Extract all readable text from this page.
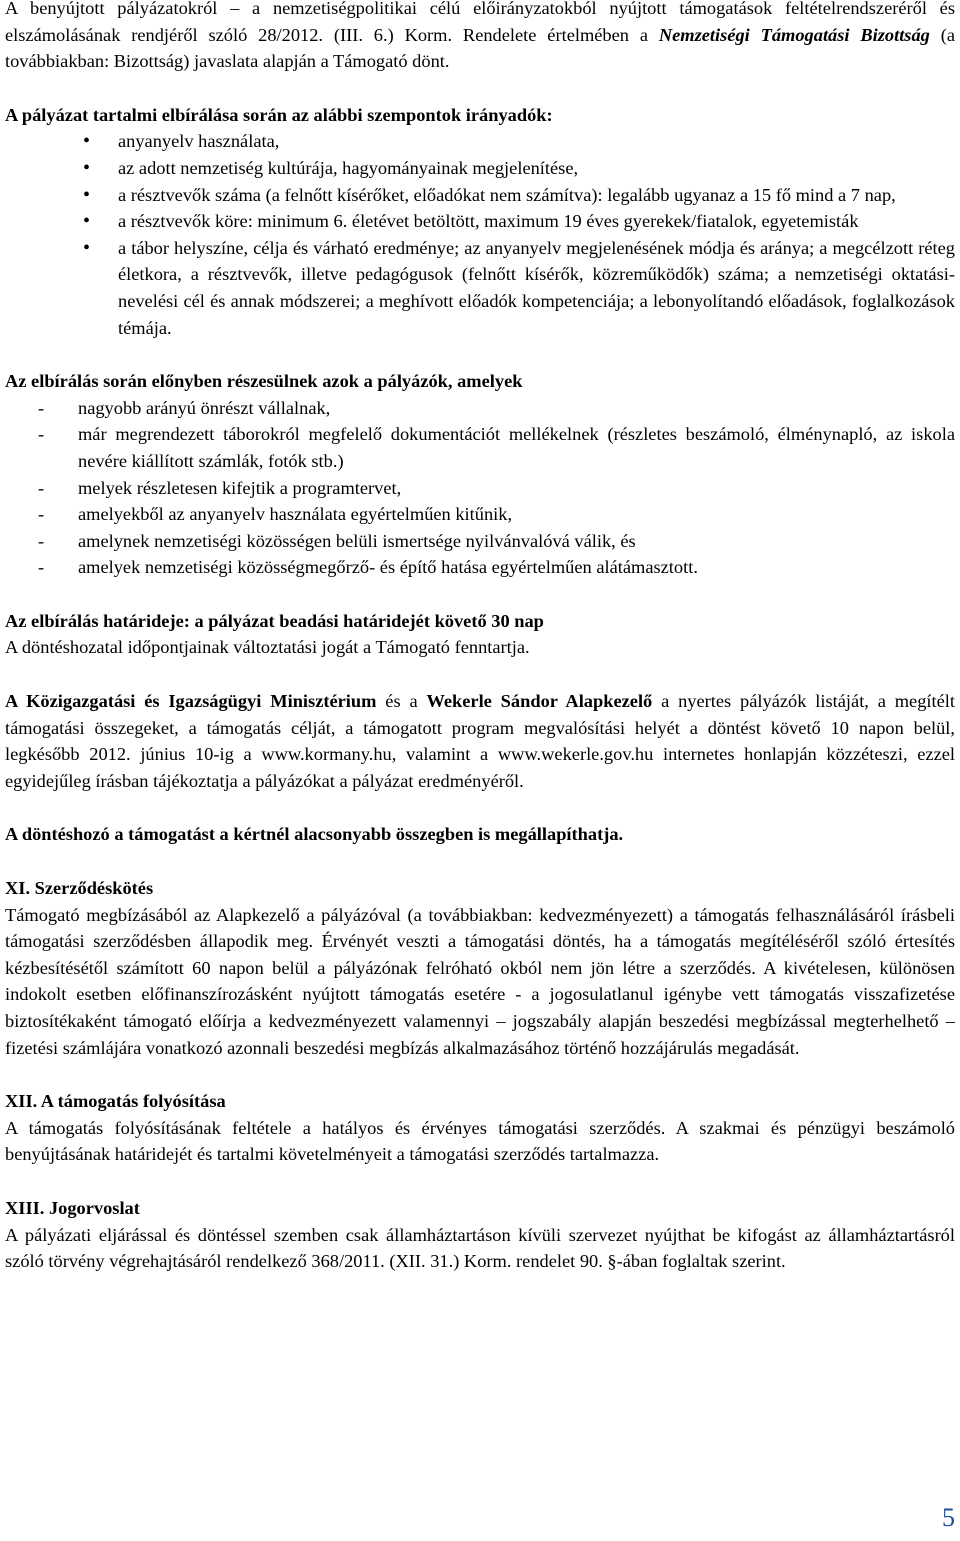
A benyújtott pályázatokról – a nemzetiségpolitikai célú előirányzatokból nyújtott támogatások feltételrendszeréről és elszámolásának rendjéről szóló 28/2012. (III. 6.) Korm. Rendelete értelmében a Nemzetiségi Támogatási Bizottság (a továbbiakban: Bizottság) javaslata alapján a Támogató dönt.

A pályázat tartalmi elbírálása során az alábbi szempontok irányadók:

• anyanyelv használata,
• az adott nemzetiség kultúrája, hagyományainak megjelenítése,
• a résztvevők száma (a felnőtt kísérőket, előadókat nem számítva): legalább ugyanaz a 15 fő mind a 7 nap,
• a résztvevők köre: minimum 6. életévet betöltött, maximum 19 éves gyerekek/fiatalok, egyetemisták
• a tábor helyszíne, célja és várható eredménye; az anyanyelv megjelenésének módja és aránya; a megcélzott réteg életkora, a résztvevők, illetve pedagógusok (felnőtt kísérők, közreműködők) száma; a nemzetiségi oktatási-nevelési cél és annak módszerei; a meghívott előadók kompetenciája; a lebonyolítandó előadások, foglalkozások témája.

Az elbírálás során előnyben részesülnek azok a pályázók, amelyek

- nagyobb arányú önrészt vállalnak,
- már megrendezett táborokról megfelelő dokumentációt mellékelnek (részletes beszámoló, élménynapló, az iskola nevére kiállított számlák, fotók stb.)
- melyek részletesen kifejtik a programtervet,
- amelyekből az anyanyelv használata egyértelműen kitűnik,
- amelynek nemzetiségi közösségen belüli ismertsége nyilvánvalóvá válik, és
- amelyek nemzetiségi közösségmegőrző- és építő hatása egyértelműen alátámasztott.

Az elbírálás határideje: a pályázat beadási határidejét követő 30 nap

A döntéshozatal időpontjainak változtatási jogát a Támogató fenntartja.

A Közigazgatási és Igazságügyi Minisztérium és a Wekerle Sándor Alapkezelő a nyertes pályázók listáját, a megítélt támogatási összegeket, a támogatás célját, a támogatott program megvalósítási helyét a döntést követő 10 napon belül, legkésőbb 2012. június 10-ig a www.kormany.hu, valamint a www.wekerle.gov.hu internetes honlapján közzéteszi, ezzel egyidejűleg írásban tájékoztatja a pályázókat a pályázat eredményéről.

A döntéshozó a támogatást a kértnél alacsonyabb összegben is megállapíthatja.

XI. Szerződéskötés

Támogató megbízásából az Alapkezelő a pályázóval (a továbbiakban: kedvezményezett) a támogatás felhasználásáról írásbeli támogatási szerződésben állapodik meg. Érvényét veszti a támogatási döntés, ha a támogatás megítéléséről szóló értesítés kézbesítésétől számított 60 napon belül a pályázónak felróható okból nem jön létre a szerződés. A kivételesen, különösen indokolt esetben előfinanszírozásként nyújtott támogatás esetére - a jogosulatlanul igénybe vett támogatás visszafizetése biztosítékaként támogató előírja a kedvezményezett valamennyi – jogszabály alapján beszedési megbízással megterhelhető – fizetési számlájára vonatkozó azonnali beszedési megbízás alkalmazásához történő hozzájárulás megadását.

XII. A támogatás folyósítása

A támogatás folyósításának feltétele a hatályos és érvényes támogatási szerződés. A szakmai és pénzügyi beszámoló benyújtásának határidejét és tartalmi követelményeit a támogatási szerződés tartalmazza.

XIII. Jogorvoslat

A pályázati eljárással és döntéssel szemben csak államháztartáson kívüli szervezet nyújthat be kifogást az államháztartásról szóló törvény végrehajtásáról rendelkező 368/2011. (XII. 31.) Korm. rendelet 90. §-ában foglaltak szerint.

5
